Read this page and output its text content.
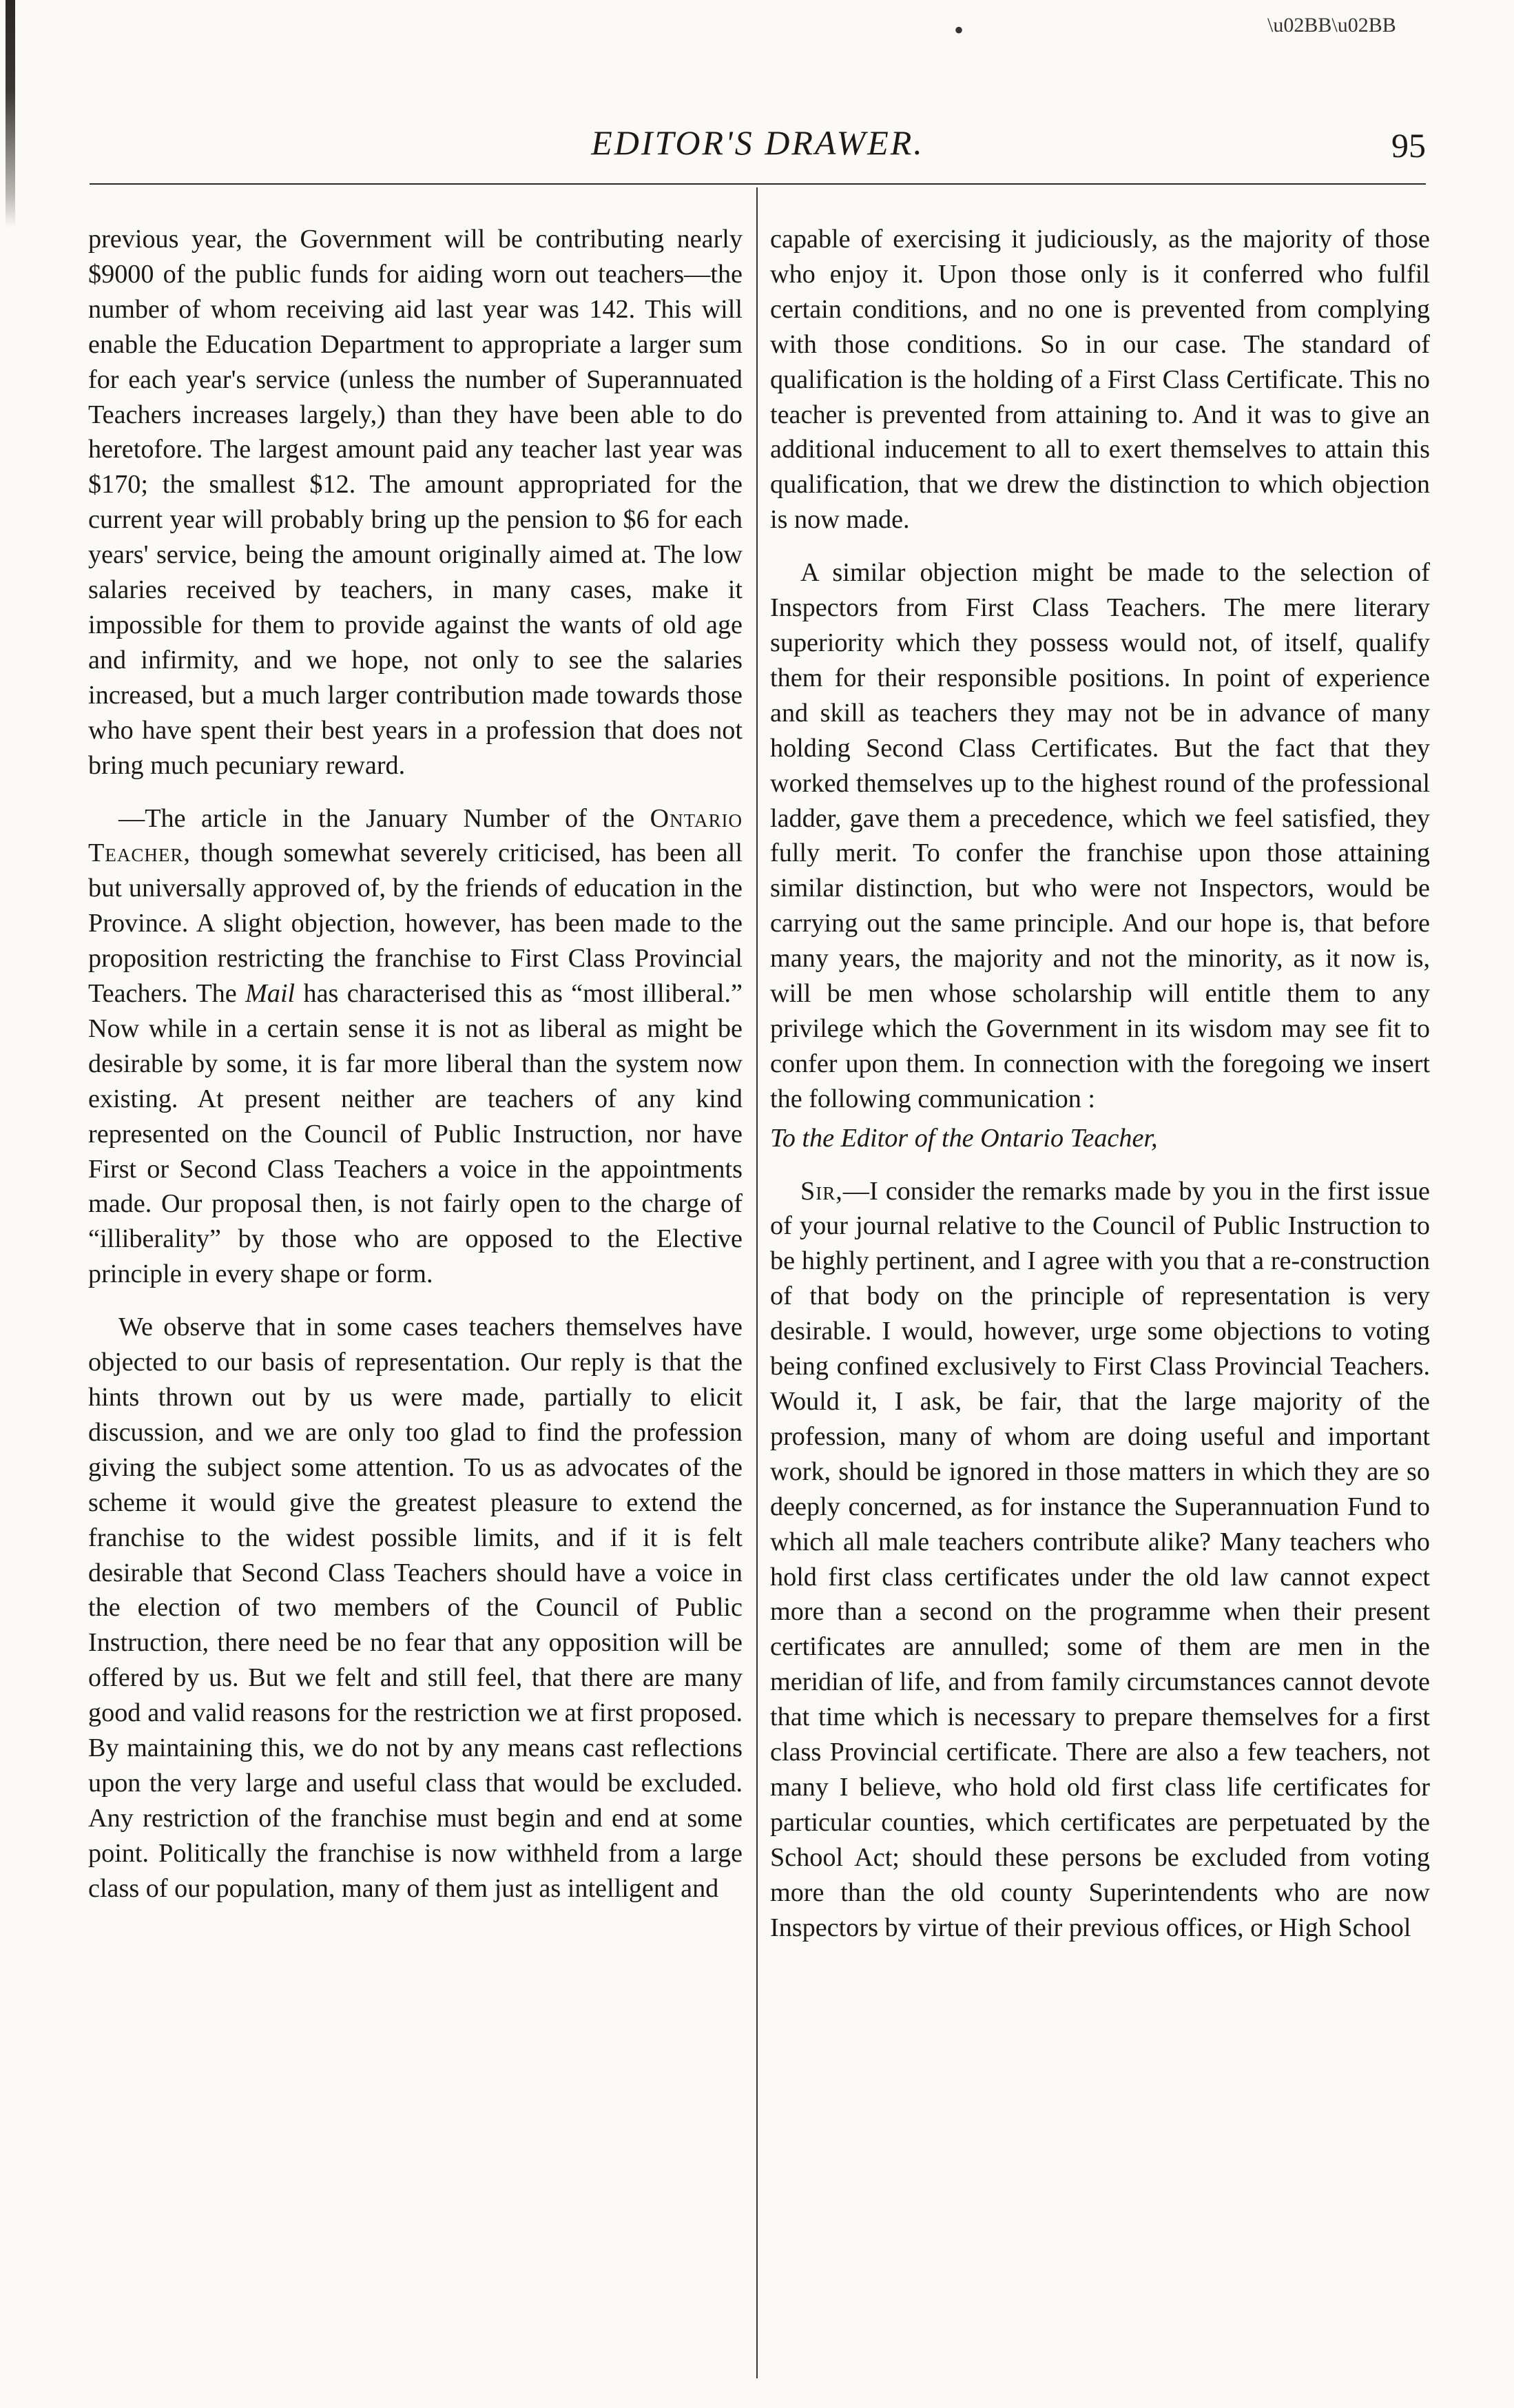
•	\u02BB\u02BB
EDITOR'S DRAWER.	95

previous year, the Government will be contributing nearly $9000 of the public funds for aiding worn out teachers—the number of whom receiving aid last year was 142. This will enable the Education Department to appropriate a larger sum for each year's service (unless the number of Superannuated Teachers increases largely,) than they have been able to do heretofore. The largest amount paid any teacher last year was $170; the smallest $12. The amount appropriated for the current year will probably bring up the pension to $6 for each years' service, being the amount originally aimed at. The low salaries received by teachers, in many cases, make it impossible for them to provide against the wants of old age and infirmity, and we hope, not only to see the salaries increased, but a much larger contribution made towards those who have spent their best years in a profession that does not bring much pecuniary reward.

—The article in the January Number of the Ontario Teacher, though somewhat severely criticised, has been all but universally approved of, by the friends of education in the Province. A slight objection, however, has been made to the proposition restricting the franchise to First Class Provincial Teachers. The Mail has characterised this as “most illiberal.” Now while in a certain sense it is not as liberal as might be desirable by some, it is far more liberal than the system now existing. At present neither are teachers of any kind represented on the Council of Public Instruction, nor have First or Second Class Teachers a voice in the appointments made. Our proposal then, is not fairly open to the charge of “illiberality” by those who are opposed to the Elective principle in every shape or form.

We observe that in some cases teachers themselves have objected to our basis of representation. Our reply is that the hints thrown out by us were made, partially to elicit discussion, and we are only too glad to find the profession giving the subject some attention. To us as advocates of the scheme it would give the greatest pleasure to extend the franchise to the widest possible limits, and if it is felt desirable that Second Class Teachers should have a voice in the election of two members of the Council of Public Instruction, there need be no fear that any opposition will be offered by us. But we felt and still feel, that there are many good and valid reasons for the restriction we at first proposed. By maintaining this, we do not by any means cast reflections upon the very large and useful class that would be excluded. Any restriction of the franchise must begin and end at some point. Politically the franchise is now withheld from a large class of our population, many of them just as intelligent and

capable of exercising it judiciously, as the majority of those who enjoy it. Upon those only is it conferred who fulfil certain conditions, and no one is prevented from complying with those conditions. So in our case. The standard of qualification is the holding of a First Class Certificate. This no teacher is prevented from attaining to. And it was to give an additional inducement to all to exert themselves to attain this qualification, that we drew the distinction to which objection is now made.

A similar objection might be made to the selection of Inspectors from First Class Teachers. The mere literary superiority which they possess would not, of itself, qualify them for their responsible positions. In point of experience and skill as teachers they may not be in advance of many holding Second Class Certificates. But the fact that they worked themselves up to the highest round of the professional ladder, gave them a precedence, which we feel satisfied, they fully merit. To confer the franchise upon those attaining similar distinction, but who were not Inspectors, would be carrying out the same principle. And our hope is, that before many years, the majority and not the minority, as it now is, will be men whose scholarship will entitle them to any privilege which the Government in its wisdom may see fit to confer upon them. In connection with the foregoing we insert the following communication :

To the Editor of the Ontario Teacher,

Sir,—I consider the remarks made by you in the first issue of your journal relative to the Council of Public Instruction to be highly pertinent, and I agree with you that a re-construction of that body on the principle of representation is very desirable. I would, however, urge some objections to voting being confined exclusively to First Class Provincial Teachers. Would it, I ask, be fair, that the large majority of the profession, many of whom are doing useful and important work, should be ignored in those matters in which they are so deeply concerned, as for instance the Superannuation Fund to which all male teachers contribute alike? Many teachers who hold first class certificates under the old law cannot expect more than a second on the programme when their present certificates are annulled; some of them are men in the meridian of life, and from family circumstances cannot devote that time which is necessary to prepare themselves for a first class Provincial certificate. There are also a few teachers, not many I believe, who hold old first class life certificates for particular counties, which certificates are perpetuated by the School Act; should these persons be excluded from voting more than the old county Superintendents who are now Inspectors by virtue of their previous offices, or High School
